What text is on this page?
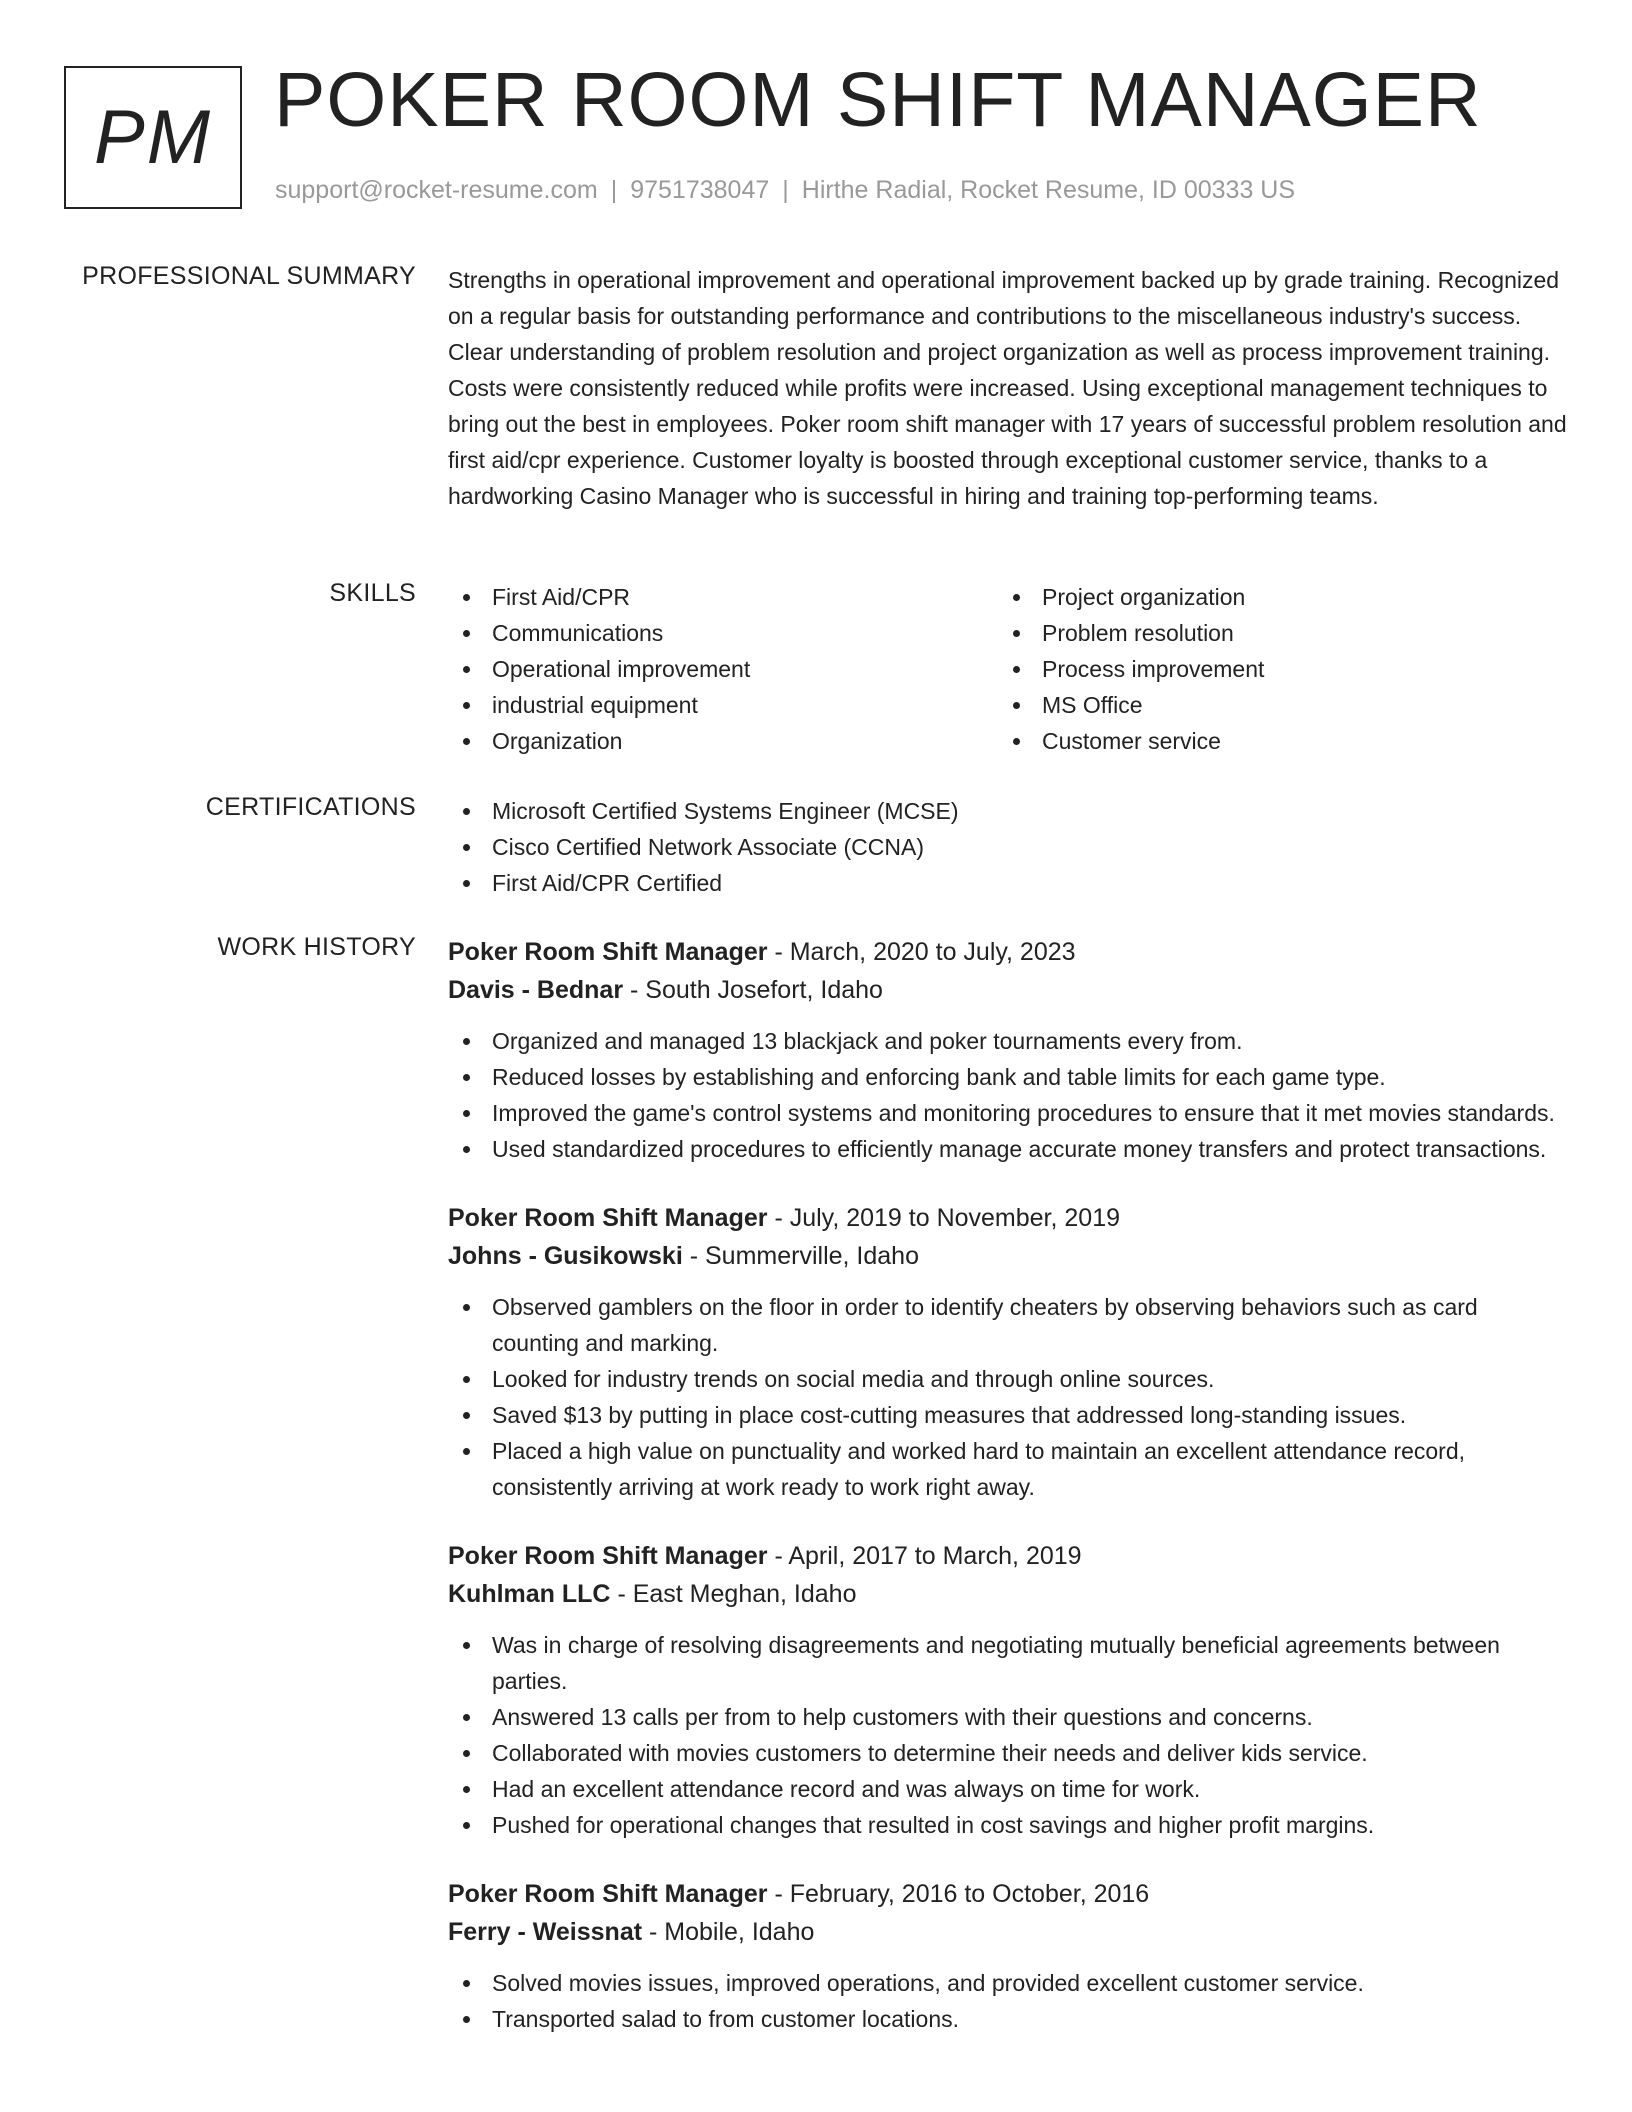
PM POKER ROOM SHIFT MANAGER
support@rocket-resume.com | 9751738047 | Hirthe Radial, Rocket Resume, ID 00333 US
PROFESSIONAL SUMMARY Strengths in operational improvement and operational improvement backed up by grade training. Recognized on a regular basis for outstanding performance and contributions to the miscellaneous industry's success. Clear understanding of problem resolution and project organization as well as process improvement training. Costs were consistently reduced while profits were increased. Using exceptional management techniques to bring out the best in employees. Poker room shift manager with 17 years of successful problem resolution and first aid/cpr experience. Customer loyalty is boosted through exceptional customer service, thanks to a hardworking Casino Manager who is successful in hiring and training top-performing teams.

SKILLS	First Aid/CPR
Communications
Operational improvement
industrial equipment
Organization
Project organization
Problem resolution
Process improvement
MS Office
Customer service
CERTIFICATIONS	Microsoft Certified Systems Engineer (MCSE)
Cisco Certified Network Associate (CCNA)
First Aid/CPR Certified
WORK HISTORY Poker Room Shift Manager - March, 2020 to July, 2023
Davis - Bednar - South Josefort, Idaho
Organized and managed 13 blackjack and poker tournaments every from.
Reduced losses by establishing and enforcing bank and table limits for each game type.
Improved the game's control systems and monitoring procedures to ensure that it met movies standards.
Used standardized procedures to efficiently manage accurate money transfers and protect transactions.
Poker Room Shift Manager - July, 2019 to November, 2019
Johns - Gusikowski - Summerville, Idaho
Observed gamblers on the floor in order to identify cheaters by observing behaviors such as card counting and marking.
Looked for industry trends on social media and through online sources.
Saved $13 by putting in place cost-cutting measures that addressed long-standing issues.
Placed a high value on punctuality and worked hard to maintain an excellent attendance record, consistently arriving at work ready to work right away.
Poker Room Shift Manager - April, 2017 to March, 2019
Kuhlman LLC - East Meghan, Idaho
Was in charge of resolving disagreements and negotiating mutually beneficial agreements between parties.
Answered 13 calls per from to help customers with their questions and concerns.
Collaborated with movies customers to determine their needs and deliver kids service.
Had an excellent attendance record and was always on time for work.
Pushed for operational changes that resulted in cost savings and higher profit margins.
Poker Room Shift Manager - February, 2016 to October, 2016
Ferry - Weissnat - Mobile, Idaho
Solved movies issues, improved operations, and provided excellent customer service.
Transported salad to from customer locations.
